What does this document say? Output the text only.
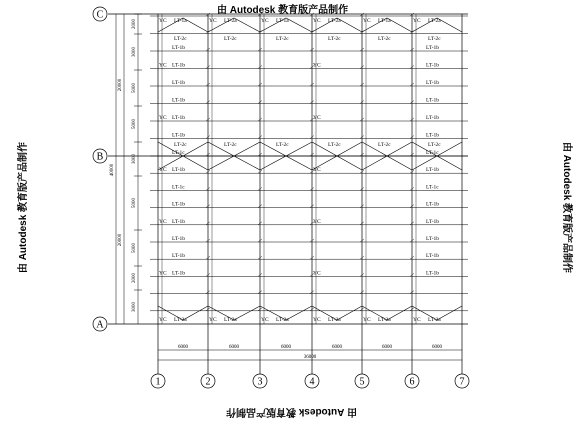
2000
3000
5000
5000
3000
5000
5000
2000
3000
20000
20000
40000
6000	6000	6000	6000	6000	6000
36000
YC LT-1a
LT-2c
YC LT-2a
LT-2c
YC LT-2a
LT-2c
YC LT-2a
LT-2c
YC LT-1a
LT-2c
YC LT-2a
LT-2c
YC LT-2a
LT-2c
YC LT-2a
LT-2c
YC LT-1a
LT-2c
YC LT-2a
LT-2c
YC LT-2a
LT-2c
YC LT-2a
LT-2c
LT-1b	LT-1b
LT-1b	LT-1b
YC	YC
LT-1b	LT-1b
LT-1b	LT-1b
LT-1b	LT-1b
YC	YC
LT-1b	LT-1b
LT-1c	LT-1c
LT-1b	LT-1b
YC	YC
LT-1c	LT-1c
LT-1b	LT-1b
LT-1b	LT-1b
YC	YC
LT-1b	LT-1b
LT-1b	LT-1b
LT-1b	LT-1b
YC	YC
C
B
A
1	2	3	4	5	6	7
由 Autodesk 教育版产品制作
由 Autodesk 教育版产品制作
由 Autodesk 教育版产品制作	由 Autodesk 教育版产品制作
